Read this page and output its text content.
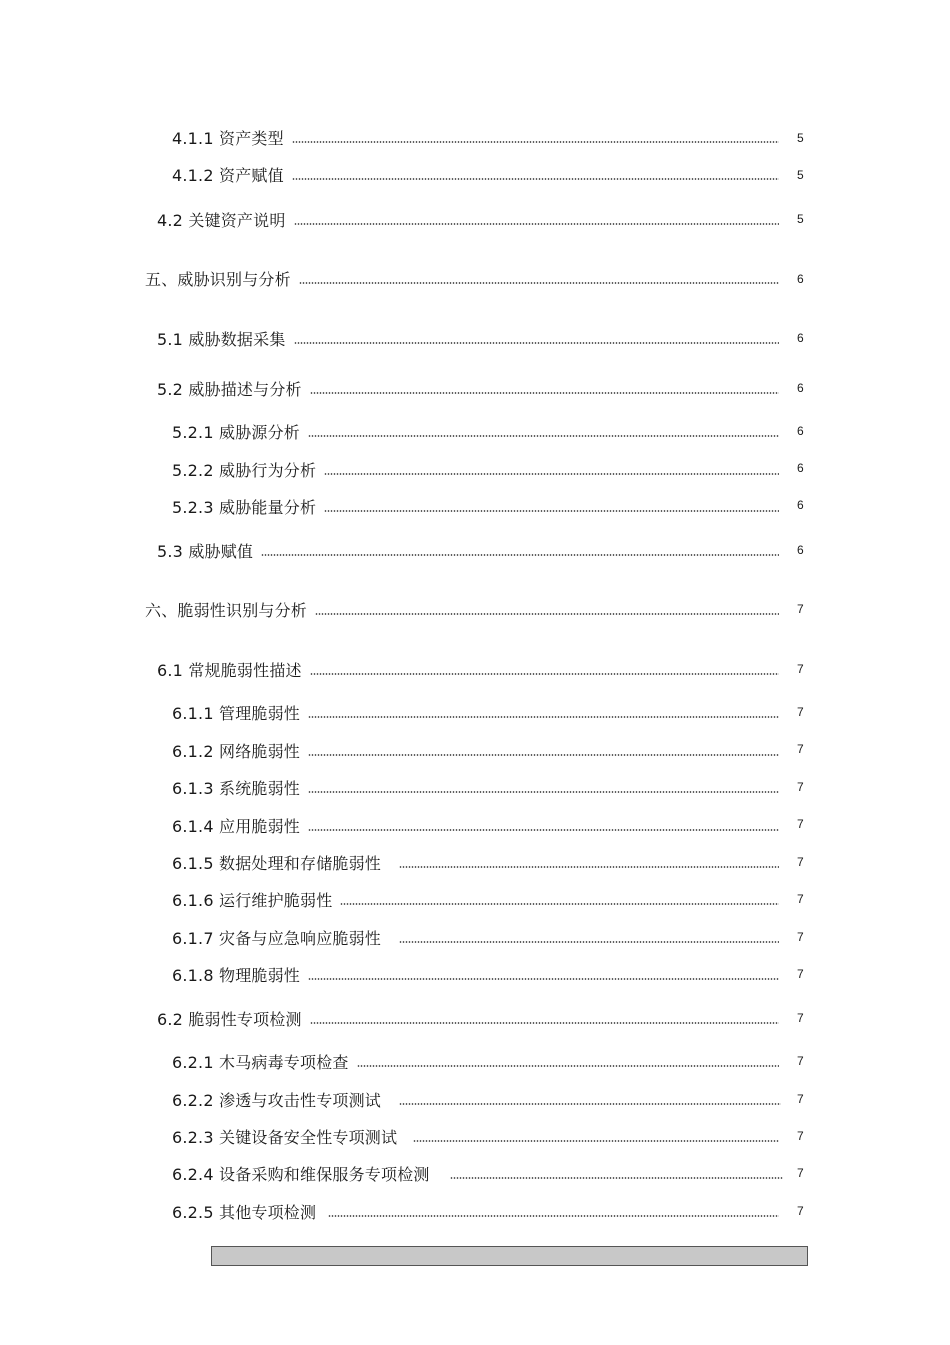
4.1.1 资产类型	5
4.1.2 资产赋值	5
4.2 关键资产说明	5
五、威胁识别与分析	6
5.1 威胁数据采集	6
5.2 威胁描述与分析	6
5.2.1 威胁源分析	6
5.2.2 威胁行为分析	6
5.2.3 威胁能量分析	6
5.3 威胁赋值	6
六、脆弱性识别与分析	7
6.1 常规脆弱性描述	7
6.1.1 管理脆弱性	7
6.1.2 网络脆弱性	7
6.1.3 系统脆弱性	7
6.1.4 应用脆弱性	7
6.1.5 数据处理和存储脆弱性	7
6.1.6 运行维护脆弱性	7
6.1.7 灾备与应急响应脆弱性	7
6.1.8 物理脆弱性	7
6.2 脆弱性专项检测	7
6.2.1 木马病毒专项检查	7
6.2.2 渗透与攻击性专项测试	7
6.2.3 关键设备安全性专项测试	7
6.2.4 设备采购和维保服务专项检测	7
6.2.5 其他专项检测	7
